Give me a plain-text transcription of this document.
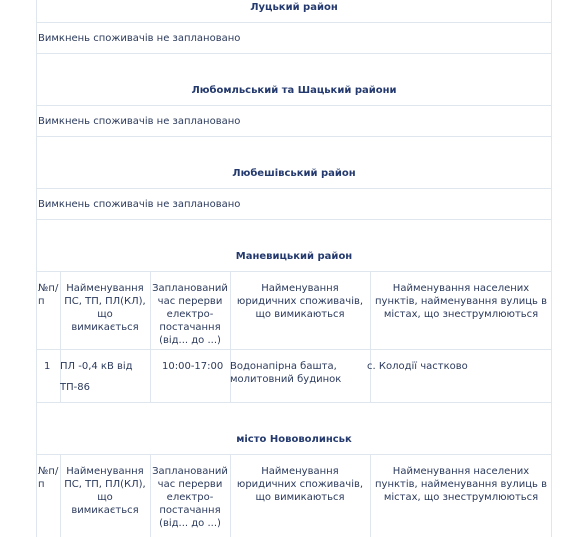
Луцький район
Вимкнень споживачів не заплановано
Любомльський та Шацький райони
Вимкнень споживачів не заплановано
Любешівський район
Вимкнень споживачів не заплановано
Маневицький район
№п/п
Найменування ПС, ТП, ПЛ(КЛ), що вимикається
Запланований час перерви електро-постачання (від... до ...)
Найменування юридичних споживачів, що вимикаються
Найменування населених пунктів, найменування вулиць в містах, що знеструмлюються
1 ПЛ -0,4 кВ від
ТП-86
10:00-17:00 Водонапірна башта, молитовний будинок
с. Колодії частково
місто Нововолинськ
№п/п
Найменування ПС, ТП, ПЛ(КЛ), що вимикається
Запланований час перерви електро-постачання (від... до ...)
Найменування юридичних споживачів, що вимикаються
Найменування населених пунктів, найменування вулиць в містах, що знеструмлюються
